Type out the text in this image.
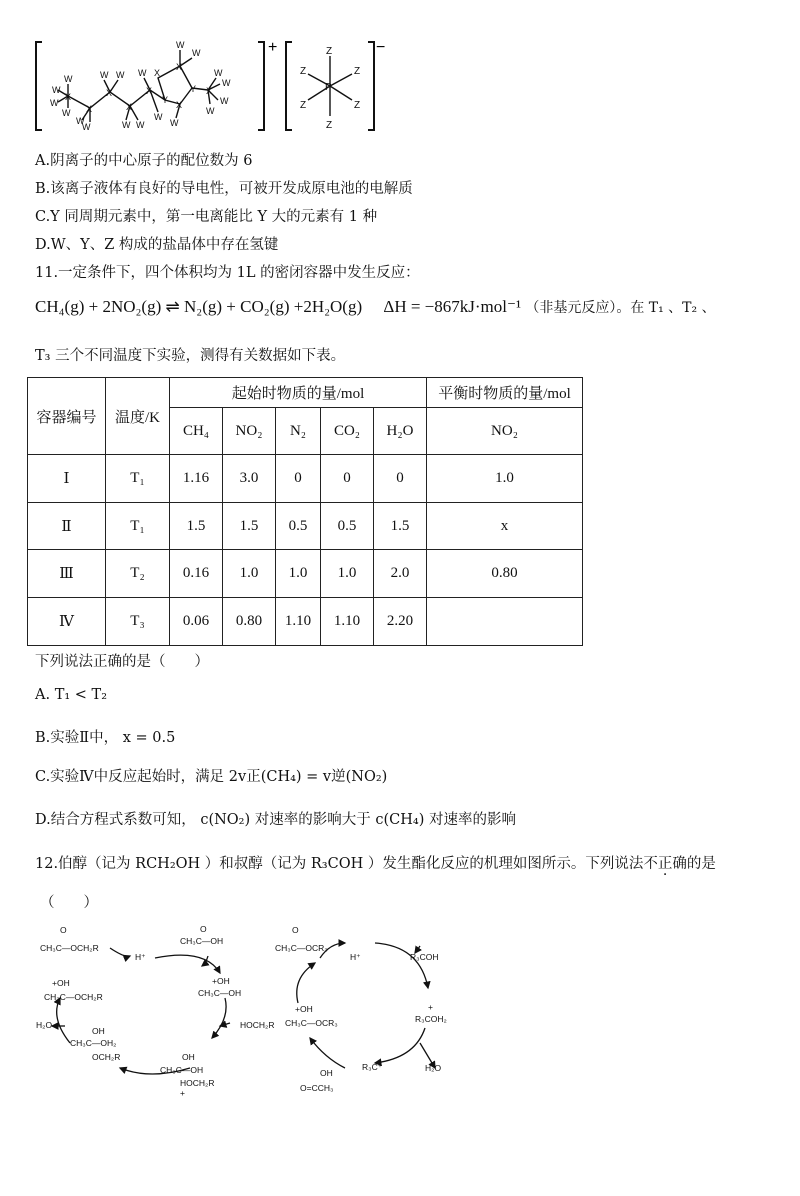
+	−
W
W
W
W
X
X
X
X
X
W
W
W W
W W
W
W
Y
X
X
Y
X
W
W
W
X
W
W
W
W
P
Z
Z
Z	Z
Z	Z
A.阴离子的中心原子的配位数为 6
B.该离子液体有良好的导电性，可被开发成原电池的电解质
C.Y 同周期元素中，第一电离能比 Y 大的元素有 1 种
D.W、Y、Z 构成的盐晶体中存在氢键
11.一定条件下，四个体积均为 1L 的密闭容器中发生反应：
CH₄(g) + 2NO₂(g) ⇌ N₂(g) + CO₂(g) +2H₂O(g) ΔH = −867kJ·mol⁻¹ （非基元反应）。在 T₁ 、T₂ 、
T₃ 三个不同温度下实验，测得有关数据如下表。
容器编号	温度/K	起始时物质的量/mol					平衡时物质的量/mol
		CH₄	NO₂	N₂	CO₂	H₂O	NO₂
Ⅰ	T₁	1.16	3.0	0	0	0	1.0
Ⅱ	T₁	1.5	1.5	0.5	0.5	1.5	x
Ⅲ	T₂	0.16	1.0	1.0	1.0	2.0	0.80
Ⅳ	T₃	0.06	0.80	1.10	1.10	2.20	
下列说法正确的是（　　）
A. T₁ < T₂
B.实验Ⅱ中， x = 0.5
C.实验Ⅳ中反应起始时，满足 2v正(CH₄) = v逆(NO₂)
D.结合方程式系数可知， c(NO₂) 对速率的影响大于 c(CH₄) 对速率的影响
12.伯醇（记为 RCH₂OH ）和叔醇（记为 R₃COH ）发生酯化反应的机理如图所示。下列说法不正确的是
（　　）
O
CH₃C—OCH₂R
H⁺
O
CH₃C—OH
+OH
CH₃C—OH
HOCH₂R
OH
CH₃C—OH
HOCH₂R
+
OH
CH₃C—OH₂
OCH₂R
H₂O
+OH
CH₃C—OCH₂R
O
CH₃C—OCR₃
H⁺	R₃COH
+
R₃COH₂
H₂O
R₃C⁺
OH
O=CCH₃
+OH
CH₃C—OCR₃
